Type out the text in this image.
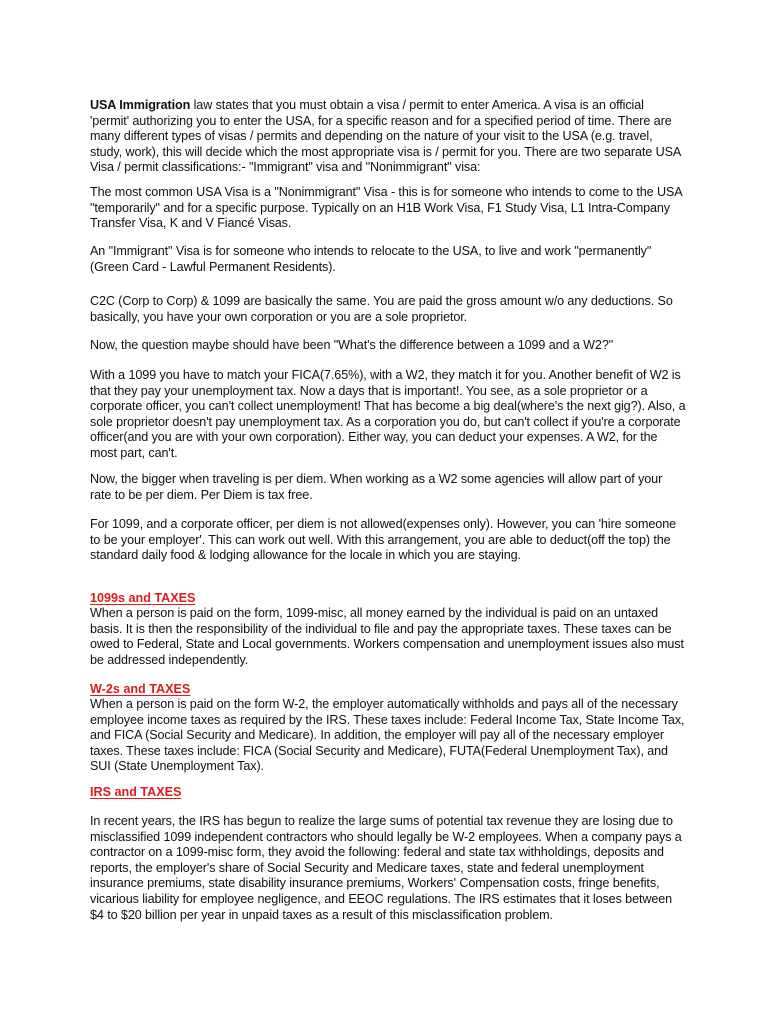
USA Immigration law states that you must obtain a visa / permit to enter America. A visa is an official 'permit' authorizing you to enter the USA, for a specific reason and for a specified period of time. There are many different types of visas / permits and depending on the nature of your visit to the USA (e.g. travel, study, work), this will decide which the most appropriate visa is / permit for you. There are two separate USA Visa / permit classifications:- "Immigrant" visa and "Nonimmigrant" visa:

The most common USA Visa is a "Nonimmigrant" Visa - this is for someone who intends to come to the USA "temporarily" and for a specific purpose. Typically on an H1B Work Visa, F1 Study Visa, L1 Intra-Company Transfer Visa, K and V Fiancé Visas.

An "Immigrant" Visa is for someone who intends to relocate to the USA, to live and work "permanently" (Green Card - Lawful Permanent Residents).

C2C (Corp to Corp) & 1099 are basically the same. You are paid the gross amount w/o any deductions. So basically, you have your own corporation or you are a sole proprietor.

Now, the question maybe should have been "What's the difference between a 1099 and a W2?"

With a 1099 you have to match your FICA(7.65%), with a W2, they match it for you. Another benefit of W2 is that they pay your unemployment tax. Now a days that is important!. You see, as a sole proprietor or a corporate officer, you can't collect unemployment! That has become a big deal(where's the next gig?). Also, a sole proprietor doesn't pay unemployment tax. As a corporation you do, but can't collect if you're a corporate officer(and you are with your own corporation). Either way, you can deduct your expenses. A W2, for the most part, can't.

Now, the bigger when traveling is per diem. When working as a W2 some agencies will allow part of your rate to be per diem. Per Diem is tax free.

For 1099, and a corporate officer, per diem is not allowed(expenses only). However, you can 'hire someone to be your employer'. This can work out well. With this arrangement, you are able to deduct(off the top) the standard daily food & lodging allowance for the locale in which you are staying.

1099s and TAXES

When a person is paid on the form, 1099-misc, all money earned by the individual is paid on an untaxed basis. It is then the responsibility of the individual to file and pay the appropriate taxes. These taxes can be owed to Federal, State and Local governments. Workers compensation and unemployment issues also must be addressed independently.

W-2s and TAXES

When a person is paid on the form W-2, the employer automatically withholds and pays all of the necessary employee income taxes as required by the IRS. These taxes include: Federal Income Tax, State Income Tax, and FICA (Social Security and Medicare). In addition, the employer will pay all of the necessary employer taxes. These taxes include: FICA (Social Security and Medicare), FUTA(Federal Unemployment Tax), and SUI (State Unemployment Tax).

IRS and TAXES

In recent years, the IRS has begun to realize the large sums of potential tax revenue they are losing due to misclassified 1099 independent contractors who should legally be W-2 employees. When a company pays a contractor on a 1099-misc form, they avoid the following: federal and state tax withholdings, deposits and reports, the employer's share of Social Security and Medicare taxes, state and federal unemployment insurance premiums, state disability insurance premiums, Workers' Compensation costs, fringe benefits, vicarious liability for employee negligence, and EEOC regulations. The IRS estimates that it loses between $4 to $20 billion per year in unpaid taxes as a result of this misclassification problem.
